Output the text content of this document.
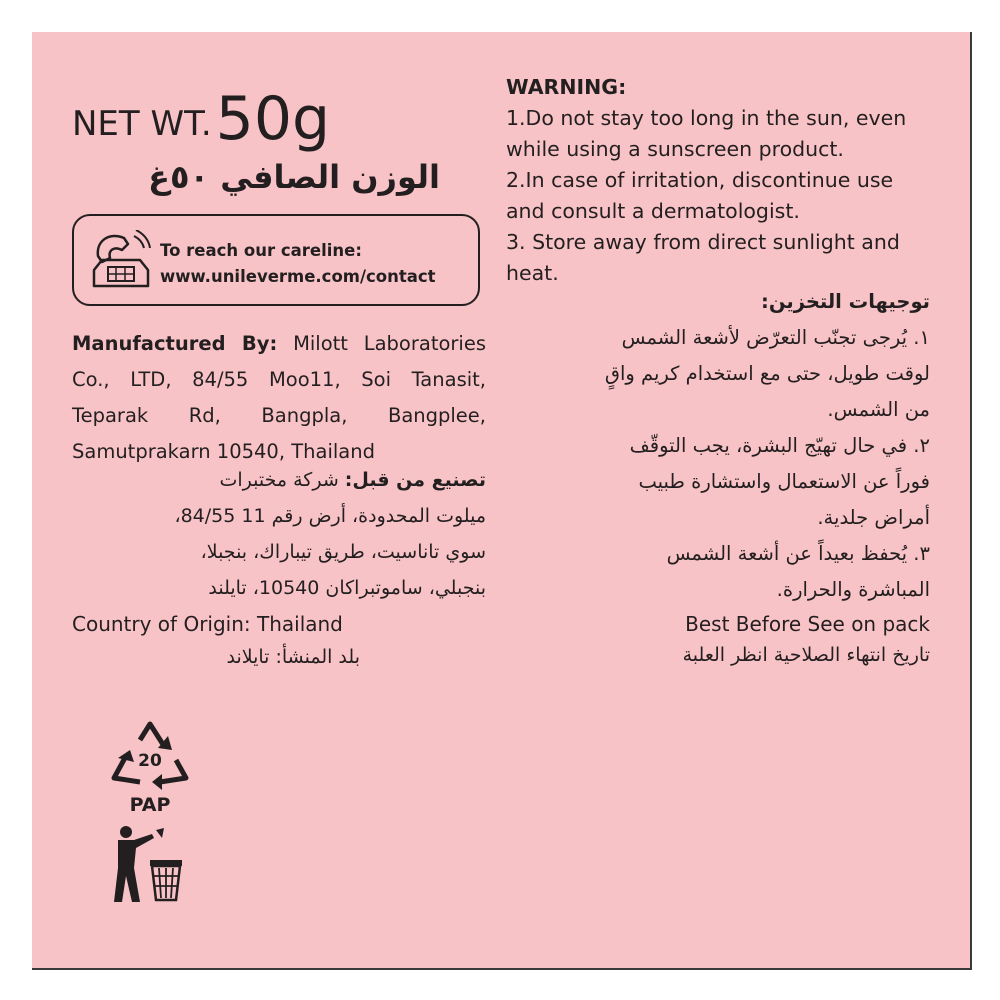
NET WT.50g
الوزن الصافي ٥٠غ
To reach our careline:
www.unileverme.com/contact
Manufactured By: Milott Laboratories
Co., LTD, 84/55 Moo11, Soi Tanasit,
Teparak Rd, Bangpla, Bangplee,
Samutprakarn 10540, Thailand
تصنيع من قبل: شركة مختبرات
ميلوت المحدودة، أرض رقم 11 84/55،
سوي تاناسيت، طريق تيباراك، بنجبلا،
بنجبلي، ساموتبراكان 10540، تايلند
Country of Origin: Thailand
بلد المنشأ: تايلاند
WARNING:
1.Do not stay too long in the sun, even
while using a sunscreen product.
2.In case of irritation, discontinue use
and consult a dermatologist.
3. Store away from direct sunlight and
heat.
توجيهات التخزين:
١. يُرجى تجنّب التعرّض لأشعة الشمس
لوقت طويل، حتى مع استخدام كريم واقٍ
من الشمس.
٢. في حال تهيّج البشرة، يجب التوقّف
فوراً عن الاستعمال واستشارة طبيب
أمراض جلدية.
٣. يُحفظ بعيداً عن أشعة الشمس
المباشرة والحرارة.
Best Before See on pack
تاريخ انتهاء الصلاحية انظر العلبة
20
PAP
